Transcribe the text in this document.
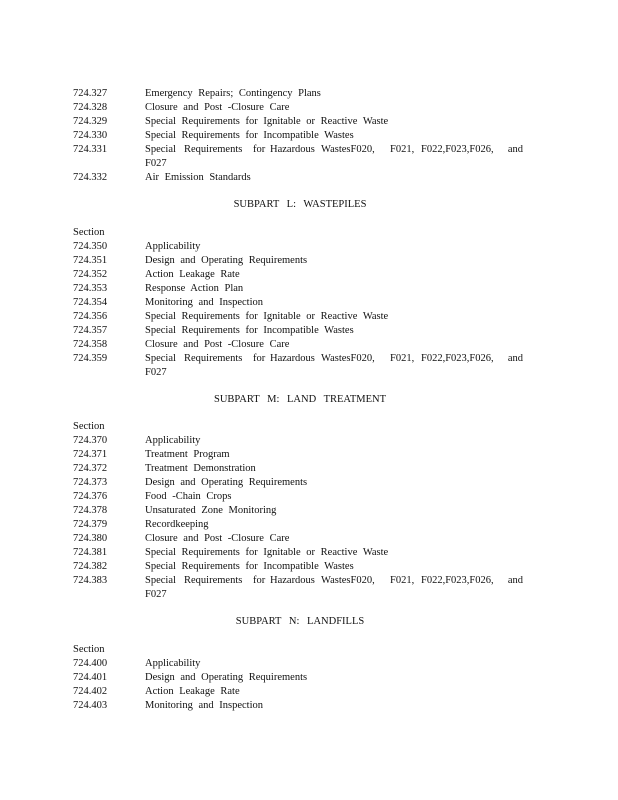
724.327	Emergency Repairs; Contingency Plans
724.328	Closure and Post -Closure Care
724.329	Special Requirements for Ignitable or Reactive Waste
724.330	Special Requirements for Incompatible Wastes
724.331	Special Requirements for Hazardous WastesF020, F021, F022,F023,F026, and
F027
724.332	Air Emission Standards
SUBPART L: WASTEPILES
Section
724.350	Applicability
724.351	Design and Operating Requirements
724.352	Action Leakage Rate
724.353	Response Action Plan
724.354	Monitoring and Inspection
724.356	Special Requirements for Ignitable or Reactive Waste
724.357	Special Requirements for Incompatible Wastes
724.358	Closure and Post -Closure Care
724.359	Special Requirements for Hazardous WastesF020, F021, F022,F023,F026, and
F027
SUBPART M: LAND TREATMENT
Section
724.370	Applicability
724.371	Treatment Program
724.372	Treatment Demonstration
724.373	Design and Operating Requirements
724.376	Food -Chain Crops
724.378	Unsaturated Zone Monitoring
724.379	Recordkeeping
724.380	Closure and Post -Closure Care
724.381	Special Requirements for Ignitable or Reactive Waste
724.382	Special Requirements for Incompatible Wastes
724.383	Special Requirements for Hazardous WastesF020, F021, F022,F023,F026, and
F027
SUBPART N: LANDFILLS
Section
724.400	Applicability
724.401	Design and Operating Requirements
724.402	Action Leakage Rate
724.403	Monitoring and Inspection
